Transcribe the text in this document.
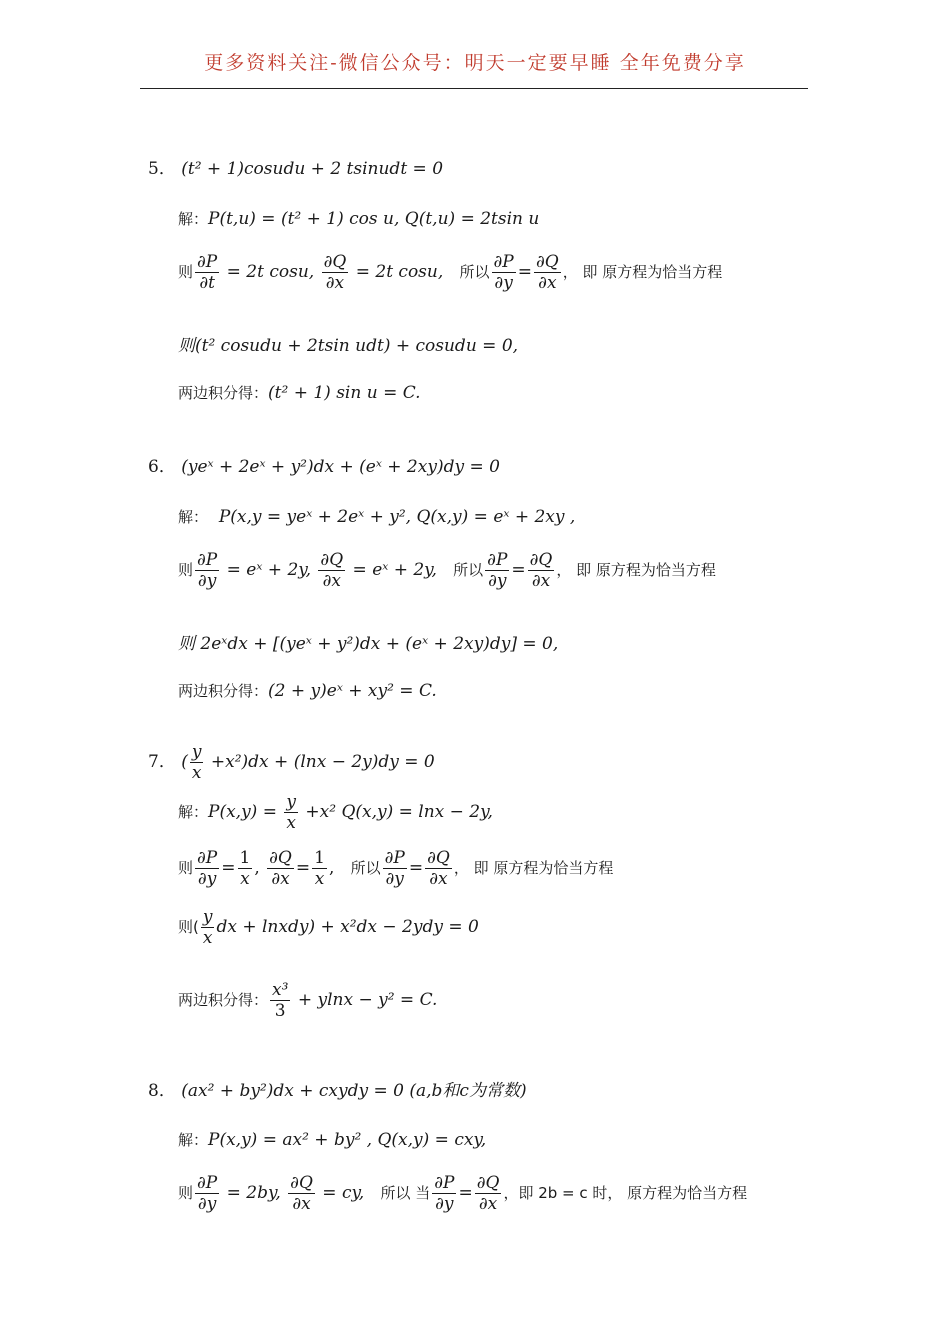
更多资料关注-微信公众号：明天一定要早睡 全年免费分享
5． (t² + 1)cosudu + 2 tsinudt = 0
解：P(t,u) = (t² + 1) cos u, Q(t,u) = 2tsin u
则 $\frac{\partial P}{\partial t} = 2t$ cosu, $\frac{\partial Q}{\partial x} = 2t$ cosu, 所以 $\frac{\partial P}{\partial y} = \frac{\partial Q}{\partial x}$ ， 即 原方程为恰当方程
则(t² cosudu + 2tsin udt) + cosudu = 0,
两边积分得：(t² + 1) sin u = C.
6． (yeˣ + 2eˣ + y²)dx + (eˣ + 2xy)dy = 0
解： P(x,y = yeˣ + 2eˣ + y², Q(x,y) = eˣ + 2xy ,
则 $\frac{\partial P}{\partial y}$ = eˣ + 2y, $\frac{\partial Q}{\partial x}$ = eˣ + 2y, 所以 $\frac{\partial P}{\partial y} = \frac{\partial Q}{\partial x}$ ， 即 原方程为恰当方程
则 2eˣdx + [(yeˣ + y²)dx + (eˣ + 2xy)dy] = 0,
两边积分得：(2 + y)eˣ + xy² = C.
7． ( $\frac{y}{x} +x^2)dx + (\ln x - 2y)dy = 0$
解：$P(x,y) = \frac{y}{x} +x^2$ Q(x,y) = lnx − 2y,
则 $\frac{\partial P}{\partial y} = \frac{1}{x}$ , $\frac{\partial Q}{\partial x} = \frac{1}{x}$ , 所以 $\frac{\partial P}{\partial y} = \frac{\partial Q}{\partial x}$ ， 即 原方程为恰当方程
则( $\frac{y}{x}$ dx + lnxdy) + x²dx − 2ydy = 0
两边积分得： $\frac{\text{x³}}{3} + ylnx - y^2 = C$.
8． (ax² + by²)dx + cxydy = 0 (a,b和c为常数)
解：P(x,y) = ax² + by² , Q(x,y) = cxy,
则 $\frac{\partial P}{\partial y} = 2by$, $\frac{\partial Q}{\partial x}$ = cy, 所以 当 $\frac{\partial P}{\partial y} = \frac{\partial Q}{\partial x}$ ，即 2b = c 时， 原方程为恰当方程
